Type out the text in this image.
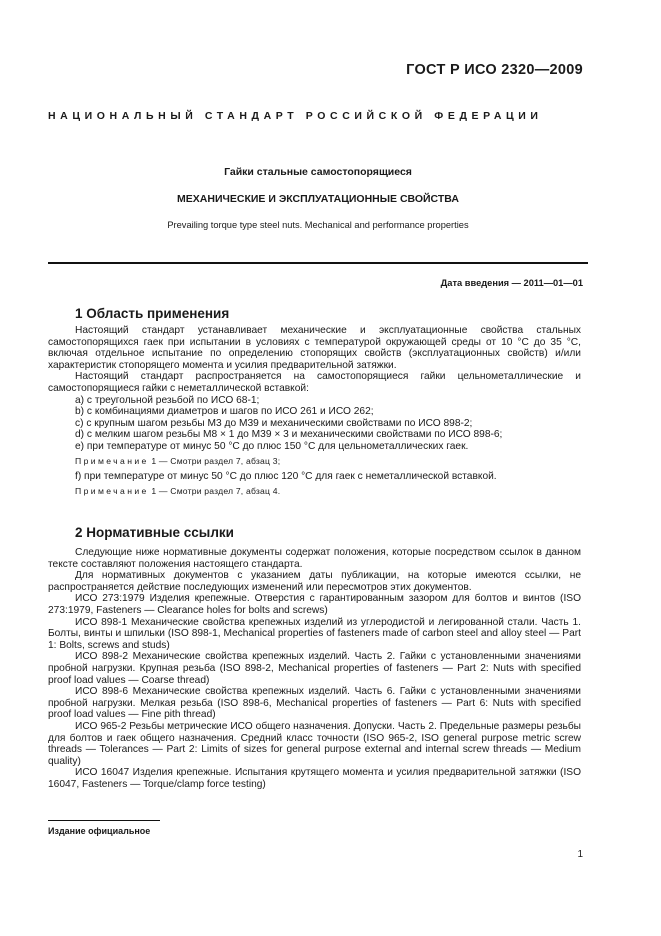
ГОСТ Р ИСО 2320—2009
НАЦИОНАЛЬНЫЙ СТАНДАРТ РОССИЙСКОЙ ФЕДЕРАЦИИ
Гайки стальные самостопорящиеся
МЕХАНИЧЕСКИЕ И ЭКСПЛУАТАЦИОННЫЕ СВОЙСТВА
Prevailing torque type steel nuts. Mechanical and performance properties
Дата введения — 2011—01—01
1 Область применения

Настоящий стандарт устанавливает механические и эксплуатационные свойства стальных самостопорящихся гаек при испытании в условиях с температурой окружающей среды от 10 °С до 35 °С, включая отдельное испытание по определению стопорящих свойств (эксплуатационных свойств) и/или характеристик стопорящего момента и усилия предварительной затяжки.

Настоящий стандарт распространяется на самостопорящиеся гайки цельнометаллические и самостопорящиеся гайки с неметаллической вставкой:

a) с треугольной резьбой по ИСО 68-1;

b) с комбинациями диаметров и шагов по ИСО 261 и ИСО 262;

c) с крупным шагом резьбы М3 до М39 и механическими свойствами по ИСО 898-2;

d) с мелким шагом резьбы М8 × 1 до М39 × 3 и механическими свойствами по ИСО 898-6;

e) при температуре от минус 50 °С до плюс 150 °С для цельнометаллических гаек.

Примечание 1 — Смотри раздел 7, абзац 3;

f) при температуре от минус 50 °С до плюс 120 °С для гаек с неметаллической вставкой.

Примечание 1 — Смотри раздел 7, абзац 4.

2 Нормативные ссылки

Следующие ниже нормативные документы содержат положения, которые посредством ссылок в данном тексте составляют положения настоящего стандарта.

Для нормативных документов с указанием даты публикации, на которые имеются ссылки, не распространяется действие последующих изменений или пересмотров этих документов.

ИСО 273:1979 Изделия крепежные. Отверстия с гарантированным зазором для болтов и винтов (ISO 273:1979, Fasteners — Clearance holes for bolts and screws)

ИСО 898-1 Механические свойства крепежных изделий из углеродистой и легированной стали. Часть 1. Болты, винты и шпильки (ISO 898-1, Mechanical properties of fasteners made of carbon steel and alloy steel — Part 1: Bolts, screws and studs)

ИСО 898-2 Механические свойства крепежных изделий. Часть 2. Гайки с установленными значениями пробной нагрузки. Крупная резьба (ISO 898-2, Mechanical properties of fasteners — Part 2: Nuts with specified proof load values — Coarse thread)

ИСО 898-6 Механические свойства крепежных изделий. Часть 6. Гайки с установленными значениями пробной нагрузки. Мелкая резьба (ISO 898-6, Mechanical properties of fasteners — Part 6: Nuts with specified proof load values — Fine pith thread)

ИСО 965-2 Резьбы метрические ИСО общего назначения. Допуски. Часть 2. Предельные размеры резьбы для болтов и гаек общего назначения. Средний класс точности (ISO 965-2, ISO general purpose metric screw threads — Tolerances — Part 2: Limits of sizes for general purpose external and internal screw threads — Medium quality)

ИСО 16047 Изделия крепежные. Испытания крутящего момента и усилия предварительной затяжки (ISO 16047, Fasteners — Torque/clamp force testing)

Издание официальное
1
